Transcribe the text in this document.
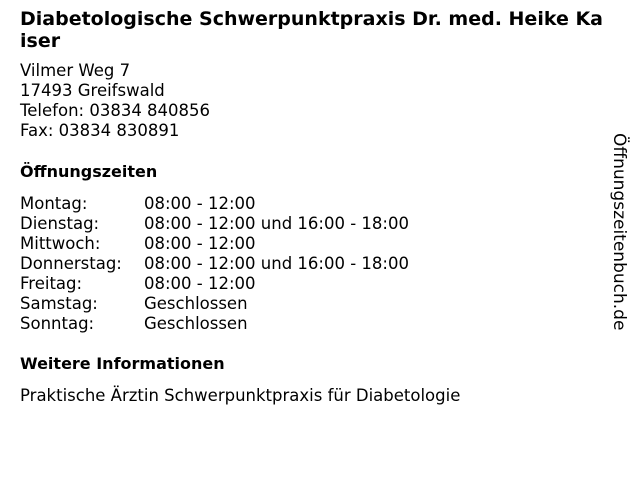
Diabetologische Schwerpunktpraxis Dr. med. Heike Kaiser
Vilmer Weg 7
17493 Greifswald
Telefon: 03834 840856
Fax: 03834 830891
Öffnungszeiten
Montag:	08:00 - 12:00
Dienstag:	08:00 - 12:00 und 16:00 - 18:00
Mittwoch:	08:00 - 12:00
Donnerstag:	08:00 - 12:00 und 16:00 - 18:00
Freitag:	08:00 - 12:00
Samstag:	Geschlossen
Sonntag:	Geschlossen
Weitere Informationen
Praktische Ärztin Schwerpunktpraxis für Diabetologie
Öffnungszeitenbuch.de
